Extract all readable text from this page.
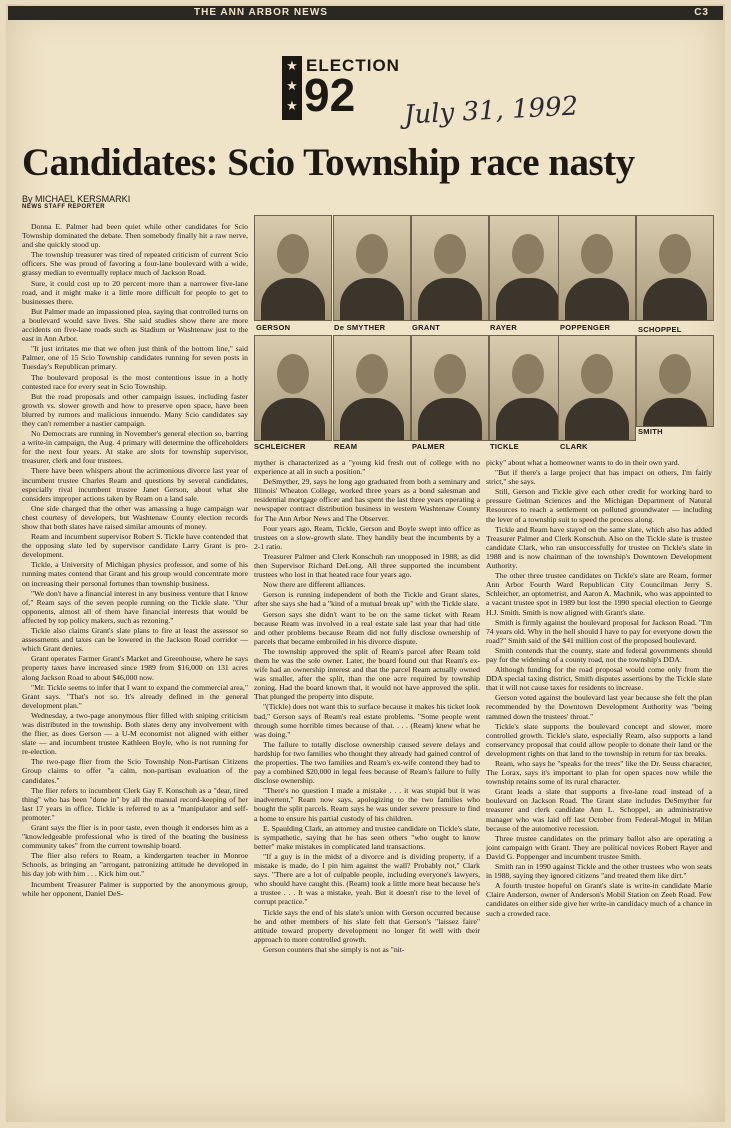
THE ANN ARBOR NEWS	C3
★
★
★
ELECTION
92 July 31, 1992
Candidates: Scio Township race nasty
By MICHAEL KERSMARKI
NEWS STAFF REPORTER
GERSON	De SMYTHER	GRANT	RAYER	POPPENGER	SCHOPPEL
SCHLEICHER	REAM	PALMER	TICKLE	CLARK
SMITH

Donna E. Palmer had been quiet while other candidates for Scio Township dominated the debate. Then somebody finally hit a raw nerve, and she quickly stood up.

The township treasurer was tired of repeated criticism of current Scio officers. She was proud of favoring a four-lane boulevard with a wide, grassy median to eventually replace much of Jackson Road.

Sure, it could cost up to 20 percent more than a narrower five-lane road, and it might make it a little more difficult for people to get to businesses there.

But Palmer made an impassioned plea, saying that controlled turns on a boulevard would save lives. She said studies show there are more accidents on five-lane roads such as Stadium or Washtenaw just to the east in Ann Arbor.

"It just irritates me that we often just think of the bottom line," said Palmer, one of 15 Scio Township candidates running for seven posts in Tuesday's Republican primary.

The boulevard proposal is the most contentious issue in a hotly contested race for every seat in Scio Township.

But the road proposals and other campaign issues, including faster growth vs. slower growth and how to preserve open space, have been blurred by rumors and malicious innuendo. Many Scio candidates say they can't remember a nastier campaign.

No Democrats are running in November's general election so, barring a write-in campaign, the Aug. 4 primary will determine the officeholders for the next four years. At stake are slots for township supervisor, treasurer, clerk and four trustees.

There have been whispers about the acrimonious divorce last year of incumbent trustee Charles Ream and questions by several candidates, especially rival incumbent trustee Janet Gerson, about what she considers improper actions taken by Ream on a land sale.

One side charged that the other was amassing a huge campaign war chest courtesy of developers, but Washtenaw County election records show that both slates have raised similar amounts of money.

Ream and incumbent supervisor Robert S. Tickle have contended that the opposing slate led by supervisor candidate Larry Grant is pro-development.

Tickle, a University of Michigan physics professor, and some of his running mates contend that Grant and his group would concentrate more on increasing their personal fortunes than township business.

"We don't have a financial interest in any business venture that I know of," Ream says of the seven people running on the Tickle slate. "Our opponents, almost all of them have financial interests that would be affected by top policy makers, such as rezoning."

Tickle also claims Grant's slate plans to fire at least the assessor so assessments and taxes can be lowered in the Jackson Road corridor — which Grant denies.

Grant operates Farmer Grant's Market and Greenhouse, where he says property taxes have increased since 1989 from $16,000 on 131 acres along Jackson Road to about $46,000 now.

"Mr. Tickle seems to infer that I want to expand the commercial area," Grant says. "That's not so. It's already defined in the general development plan."

Wednesday, a two-page anonymous flier filled with sniping criticism was distributed in the township. Both slates deny any involvement with the flier, as does Gerson — a U-M economist not aligned with either slate — and incumbent trustee Kathleen Boyle, who is not running for re-election.

The two-page flier from the Scio Township Non-Partisan Citizens Group claims to offer "a calm, non-partisan evaluation of the candidates."

The flier refers to incumbent Clerk Gay F. Konschuh as a "dear, tired thing" who has been "done in" by all the manual record-keeping of her last 17 years in office. Tickle is referred to as a "manipulator and self-promoter."

Grant says the flier is in poor taste, even though it endorses him as a "knowledgeable professional who is tired of the boating the business community takes" from the current township board.

The flier also refers to Ream, a kindergarten teacher in Monroe Schools, as bringing an "arrogant, patronizing attitude he developed in his day job with him . . . Kick him out."

Incumbent Treasurer Palmer is supported by the anonymous group, while her opponent, Daniel DeS-

myther is characterized as a "young kid fresh out of college with no experience at all in such a position."

DeSmyther, 29, says he long ago graduated from both a seminary and Illinois' Wheaton College, worked three years as a bond salesman and residential mortgage officer and has spent the last three years operating a newspaper contract distribution business in western Washtenaw County for The Ann Arbor News and The Observer.

Four years ago, Ream, Tickle, Gerson and Boyle swept into office as trustees on a slow-growth slate. They handily beat the incumbents by a 2-1 ratio.

Treasurer Palmer and Clerk Konschuh ran unopposed in 1988, as did then Supervisor Richard DeLong. All three supported the incumbent trustees who lost in that heated race four years ago.

Now there are different alliances.

Gerson is running independent of both the Tickle and Grant slates, after she says she had a "kind of a mutual break up" with the Tickle slate.

Gerson says she didn't want to be on the same ticket with Ream because Ream was involved in a real estate sale last year that had title and other problems because Ream did not fully disclose ownership of parcels that became embroiled in his divorce dispute.

The township approved the split of Ream's parcel after Ream told them he was the sole owner. Later, the board found out that Ream's ex-wife had an ownership interest and that the parcel Ream actually owned was smaller, after the split, than the one acre required by township zoning. Had the board known that, it would not have approved the split. That plunged the property into dispute.

"(Tickle) does not want this to surface because it makes his ticket look bad," Gerson says of Ream's real estate problems. "Some people went through some horrible times because of that. . . . (Ream) knew what he was doing."

The failure to totally disclose ownership caused severe delays and hardship for two families who thought they already had gained control of the properties. The two families and Ream's ex-wife contend they had to pay a combined $20,000 in legal fees because of Ream's failure to fully disclose ownership.

"There's no question I made a mistake . . . it was stupid but it was inadvertent," Ream now says, apologizing to the two families who bought the split parcels. Ream says he was under severe pressure to find a home to ensure his partial custody of his children.

E. Spaulding Clark, an attorney and trustee candidate on Tickle's slate, is sympathetic, saying that he has seen others "who ought to know better" make mistakes in complicated land transactions.

"If a guy is in the midst of a divorce and is dividing property, if a mistake is made, do I pin him against the wall? Probably not," Clark says. "There are a lot of culpable people, including everyone's lawyers, who should have caught this. (Ream) took a little more heat because he's a trustee . . . It was a mistake, yeah. But it doesn't rise to the level of corrupt practice."

Tickle says the end of his slate's union with Gerson occurred because he and other members of his slate felt that Gerson's "laissez faire" attitude toward property development no longer fit well with their approach to more controlled growth.

Gerson counters that she simply is not as "nit-

picky" about what a homeowner wants to do in their own yard.

"But if there's a large project that has impact on others, I'm fairly strict," she says.

Still, Gerson and Tickle give each other credit for working hard to pressure Gelman Sciences and the Michigan Department of Natural Resources to reach a settlement on polluted groundwater — including the lever of a township suit to speed the process along.

Tickle and Ream have stayed on the same slate, which also has added Treasurer Palmer and Clerk Konschuh. Also on the Tickle slate is trustee candidate Clark, who ran unsuccessfully for trustee on Tickle's slate in 1988 and is now chairman of the township's Downtown Development Authority.

The other three trustee candidates on Tickle's slate are Ream, former Ann Arbor Fourth Ward Republican City Councilman Jerry S. Schleicher, an optometrist, and Aaron A. Machnik, who was appointed to a vacant trustee spot in 1989 but lost the 1990 special election to George H.J. Smith. Smith is now aligned with Grant's slate.

Smith is firmly against the boulevard proposal for Jackson Road. "I'm 74 years old. Why in the hell should I have to pay for everyone down the road?" Smith said of the $41 million cost of the proposed boulevard.

Smith contends that the county, state and federal governments should pay for the widening of a county road, not the township's DDA.

Although funding for the road proposal would come only from the DDA special taxing district, Smith disputes assertions by the Tickle slate that it will not cause taxes for residents to increase.

Gerson voted against the boulevard last year because she felt the plan recommended by the Downtown Development Authority was "being rammed down the trustees' throat."

Tickle's slate supports the boulevard concept and slower, more controlled growth. Tickle's slate, especially Ream, also supports a land conservancy proposal that could allow people to donate their land or the development rights on that land to the township in return for tax breaks.

Ream, who says he "speaks for the trees" like the Dr. Seuss character, The Lorax, says it's important to plan for open spaces now while the township retains some of its rural character.

Grant leads a slate that supports a five-lane road instead of a boulevard on Jackson Road. The Grant slate includes DeSmyther for treasurer and clerk candidate Ann L. Schoppel, an administrative manager who was laid off last October from Federal-Mogul in Milan because of the automotive recession.

Three trustee candidates on the primary ballot also are operating a joint campaign with Grant. They are political novices Robert Rayer and David G. Poppenger and incumbent trustee Smith.

Smith ran in 1990 against Tickle and the other trustees who won seats in 1988, saying they ignored citizens "and treated them like dirt."

A fourth trustee hopeful on Grant's slate is write-in candidate Marie Claire Anderson, owner of Anderson's Mobil Station on Zeeb Road. Few candidates on either side give her write-in candidacy much of a chance in such a crowded race.
